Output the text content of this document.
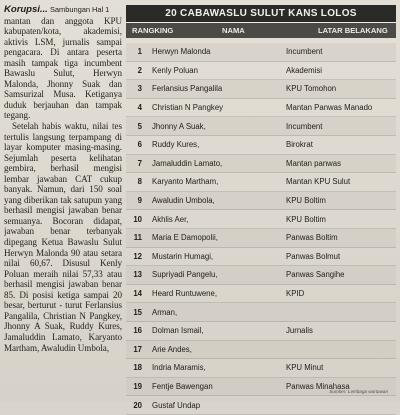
Korupsi... Sambungan Hal 1

mantan dan anggota KPU kabupaten/kota, akademisi, aktivis LSM, jurnalis sampai pengacara. Di antara peserta masih tampak tiga incumbent Bawaslu Sulut, Herwyn Malonda, Jhonny Suak dan Samsurizal Musa. Ketiganya duduk berjauhan dan tampak tegang.

Setelah habis waktu, nilai tes tertulis langsung terpampang di layar komputer masing-masing. Sejumlah peserta kelihatan gembira, berhasil mengisi lembar jawaban CAT cukup banyak. Namun, dari 150 soal yang diberikan tak satupun yang berhasil mengisi jawaban benar semuanya. Bocoran didapat, jawaban benar terbanyak dipegang Ketua Bawaslu Sulut Herwyn Malonda 90 atau setara nilai 60,67. Disusul Kenly Poluan meraih nilai 57,33 atau berhasil mengisi jawaban benar 85. Di posisi ketiga sampai 20 besar, berturut - turut Ferlansius Pangalila, Christian N Pangkey, Jhonny A Suak, Ruddy Kures, Jamaluddin Lamato, Karyanto Martham, Awaludin Umbola,

20 CABAWASLU SULUT KANS LOLOS
RANGKING	NAMA	LATAR BELAKANG
1	Herwyn Malonda	Incumbent
2	Kenly Poluan	Akademisi
3	Ferlansius Pangalila	KPU Tomohon
4	Christian N Pangkey	Mantan Panwas Manado
5	Jhonny A Suak,	Incumbent
6	Ruddy Kures,	Birokrat
7	Jamaluddin Lamato,	Mantan panwas
8	Karyanto Martham,	Mantan KPU Sulut
9	Awaludin Umbola,	KPU Boltim
10	Akhlis Aer,	KPU Boltim
11	Maria E Damopolii,	Panwas Boltim
12	Mustarin Humagi,	Panwas Bolmut
13	Supriyadi Pangelu,	Panwas Sangihe
14	Heard Runtuwene,	KPID
15	Arman,
16	Dolman Ismail,	Jurnalis
17	Arie Andes,
18	Indria Maramis,	KPU Minut
19	Fentje Bawengan	Panwas Minahasa
20	Gustaf Undap
Sumber: Lembaga wartawan
